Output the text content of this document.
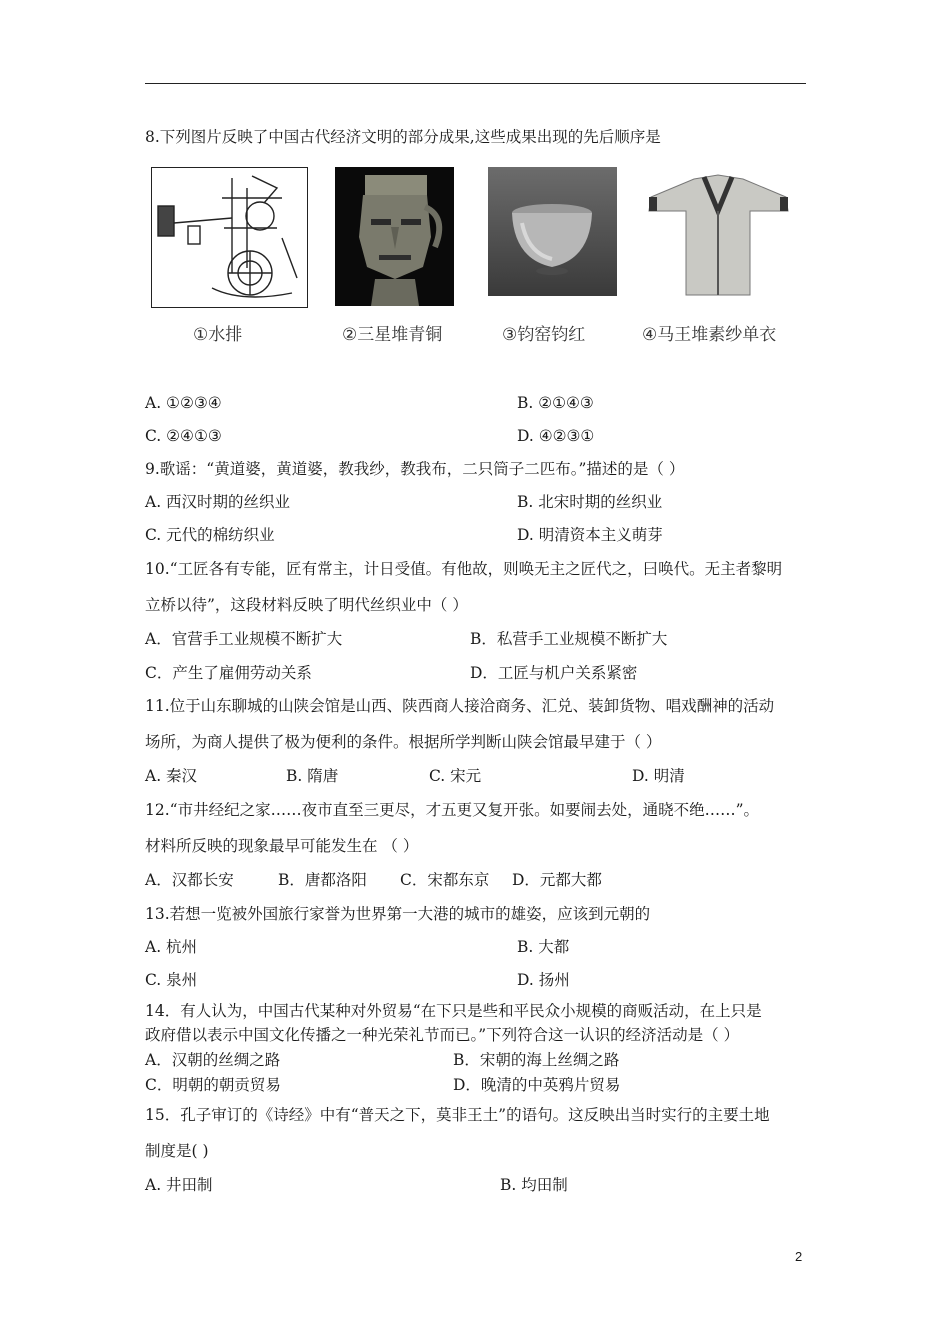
8.下列图片反映了中国古代经济文明的部分成果,这些成果出现的先后顺序是
①水排	②三星堆青铜	③钧窑钧红	④马王堆素纱单衣
A. ①②③④	B. ②①④③
C. ②④①③	D. ④②③①
9.歌谣：“黄道婆，黄道婆，教我纱，教我布，二只筒子二匹布。”描述的是（ ）
A. 西汉时期的丝织业	B. 北宋时期的丝织业
C. 元代的棉纺织业	D. 明清资本主义萌芽
10.“工匠各有专能，匠有常主，计日受值。有他故，则唤无主之匠代之，曰唤代。无主者黎明
立桥以待”，这段材料反映了明代丝织业中（ ）
A．官营手工业规模不断扩大	B．私营手工业规模不断扩大
C．产生了雇佣劳动关系	D．工匠与机户关系紧密
11.位于山东聊城的山陕会馆是山西、陕西商人接洽商务、汇兑、装卸货物、唱戏酬神的活动
场所，为商人提供了极为便利的条件。根据所学判断山陕会馆最早建于（ ）
A. 秦汉	B. 隋唐	C. 宋元	D. 明清
12.“市井经纪之家……夜市直至三更尽，才五更又复开张。如要闹去处，通晓不绝……”。
材料所反映的现象最早可能发生在 （ ）
A．汉都长安	B．唐都洛阳 C．宋都东京 D．元都大都
13.若想一览被外国旅行家誉为世界第一大港的城市的雄姿，应该到元朝的
A. 杭州	B. 大都
C. 泉州	D. 扬州
14．有人认为，中国古代某种对外贸易“在下只是些和平民众小规模的商贩活动，在上只是
政府借以表示中国文化传播之一种光荣礼节而已。”下列符合这一认识的经济活动是（ ）
A．汉朝的丝绸之路	B．宋朝的海上丝绸之路
C．明朝的朝贡贸易	D．晚清的中英鸦片贸易
15．孔子审订的《诗经》中有“普天之下，莫非王土”的语句。这反映出当时实行的主要土地
制度是( )
A. 井田制	B. 均田制
2
